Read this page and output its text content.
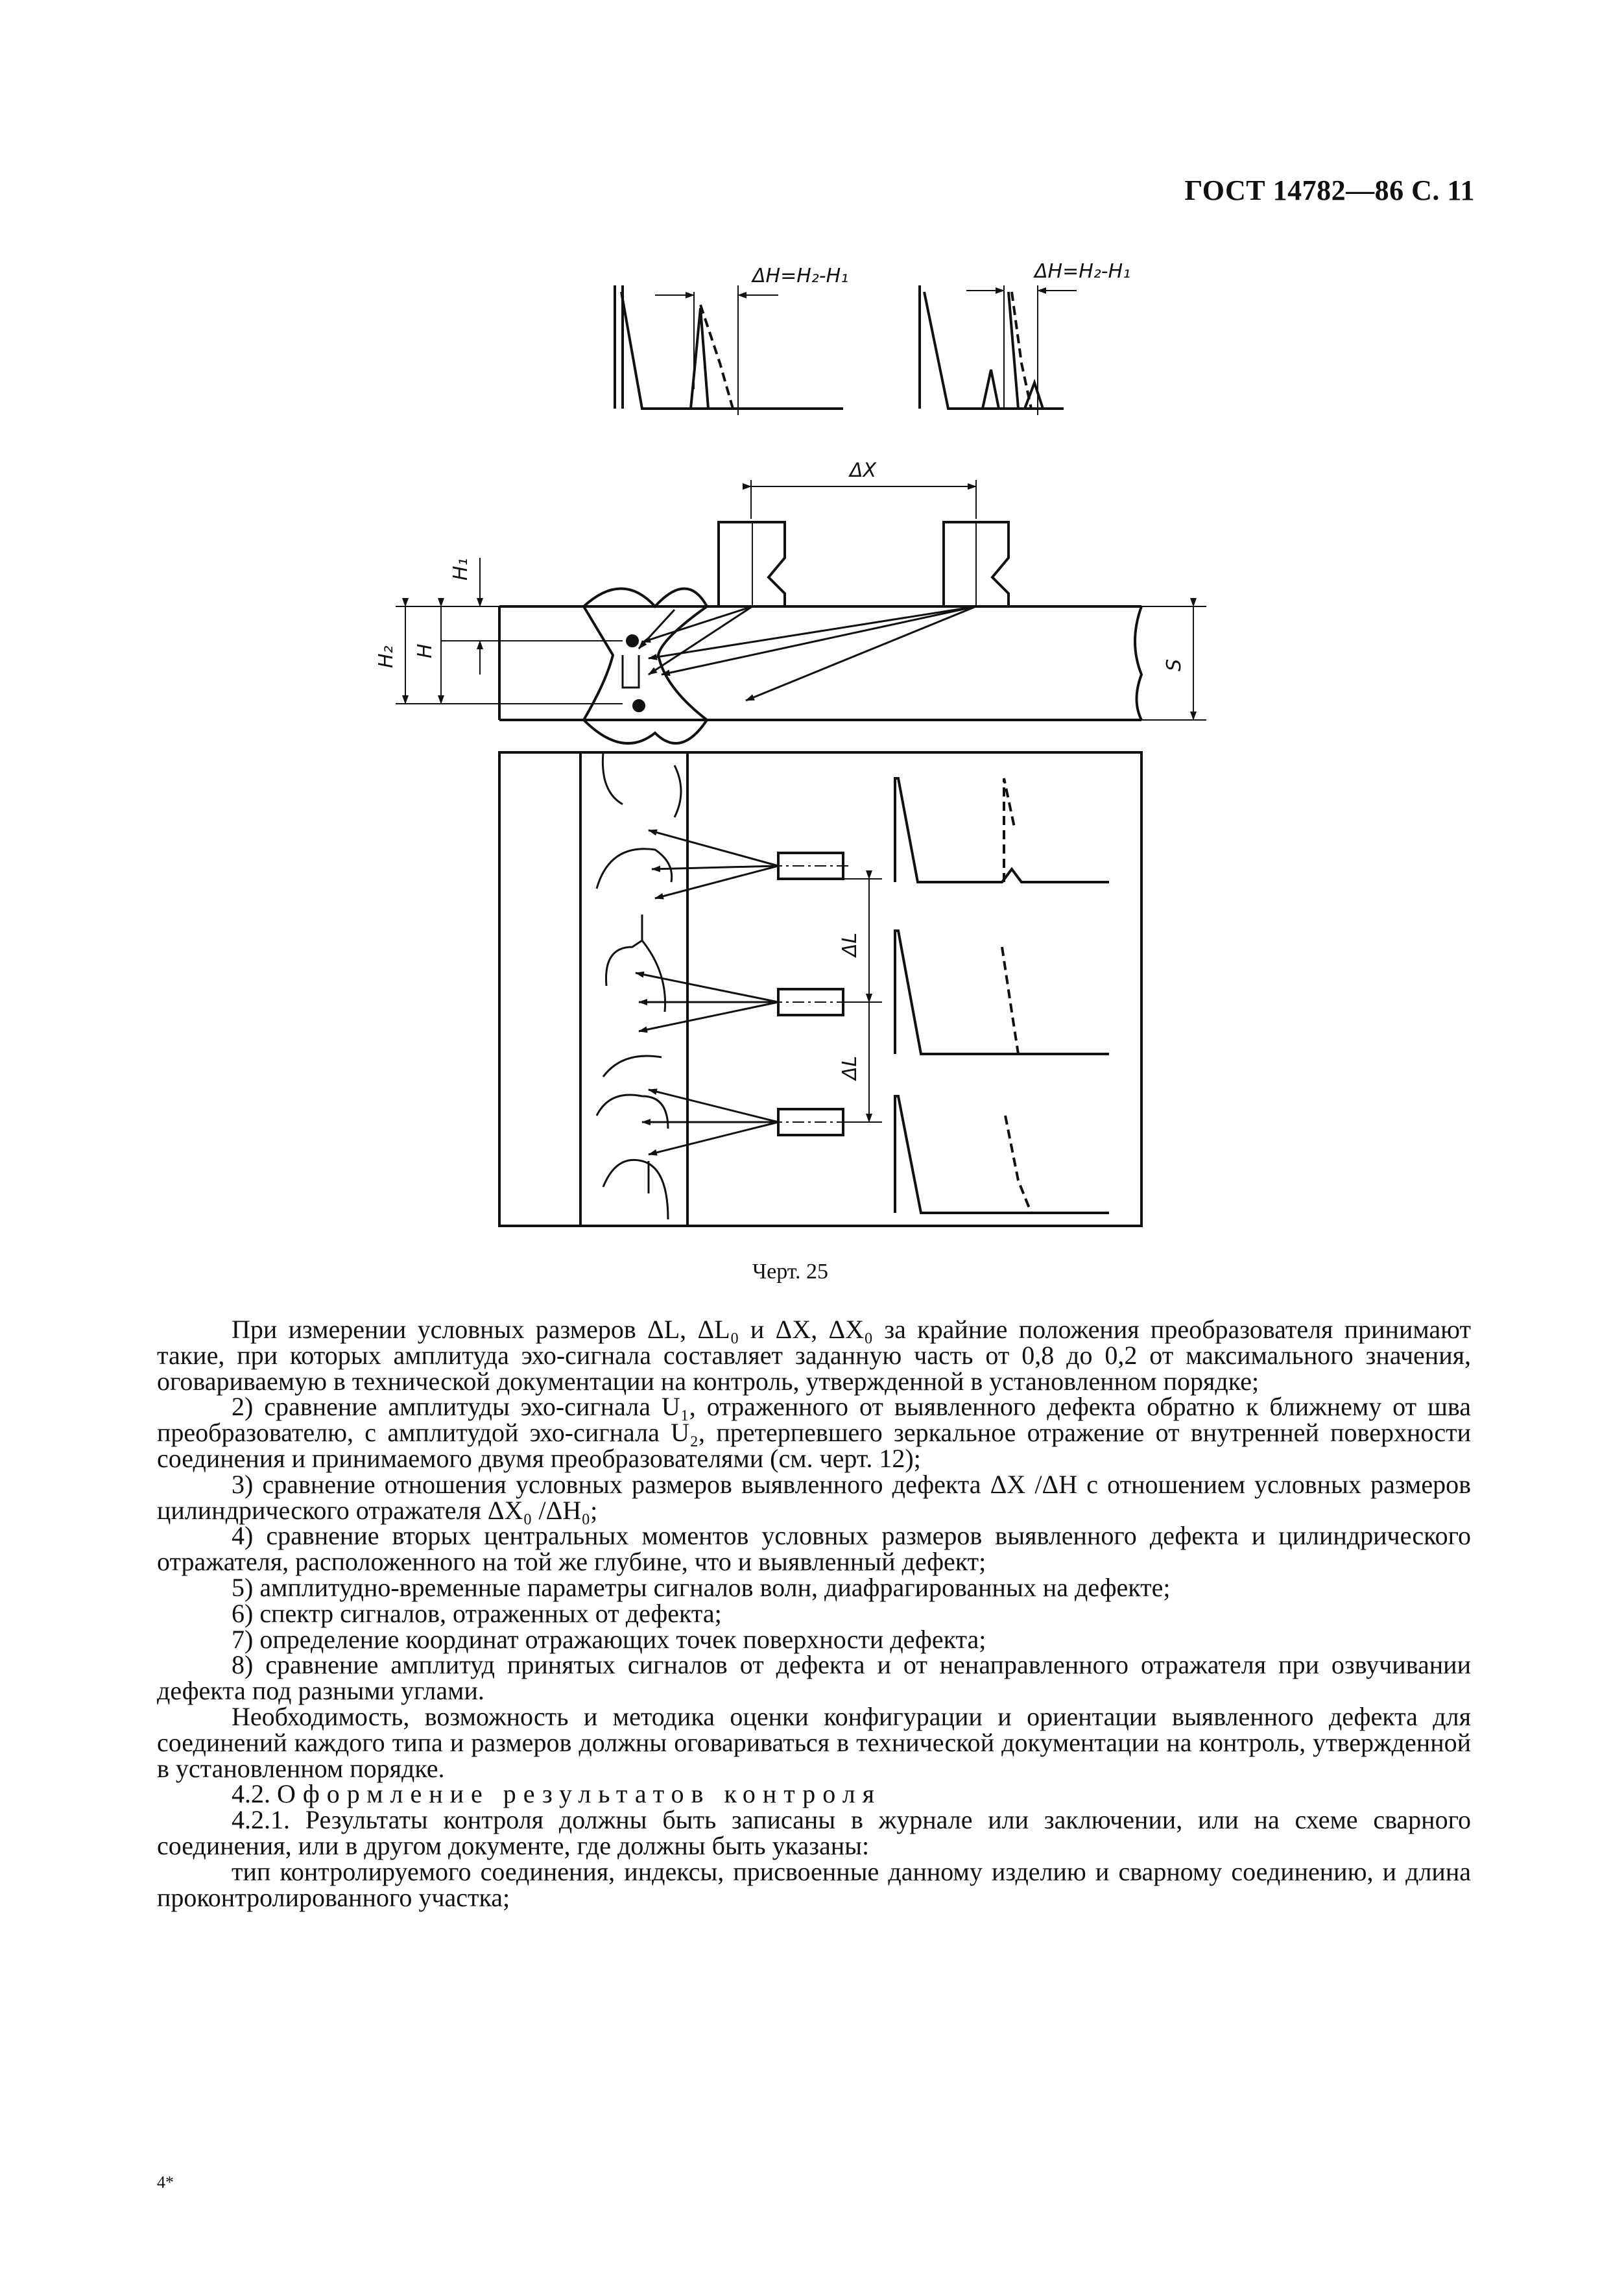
ГОСТ 14782—86 С. 11
ΔH=H₂-H₁	ΔH=H₂-H₁
ΔX
H₁
H
H₂	S
ΔL
ΔL
Черт. 25

При измерении условных размеров ΔL, ΔL₀ и ΔX, ΔX₀ за крайние положения преобразователя принимают такие, при которых амплитуда эхо-сигнала составляет заданную часть от 0,8 до 0,2 от максимального значения, оговариваемую в технической документации на контроль, утвержденной в установленном порядке;

2) сравнение амплитуды эхо-сигнала U₁, отраженного от выявленного дефекта обратно к ближнему от шва преобразователю, с амплитудой эхо-сигнала U₂, претерпевшего зеркальное отражение от внутренней поверхности соединения и принимаемого двумя преобразователями (см. черт. 12);

3) сравнение отношения условных размеров выявленного дефекта ΔX /ΔH с отношением условных размеров цилиндрического отражателя ΔX₀ /ΔH₀;

4) сравнение вторых центральных моментов условных размеров выявленного дефекта и цилиндрического отражателя, расположенного на той же глубине, что и выявленный дефект;

5) амплитудно-временные параметры сигналов волн, диафрагированных на дефекте;

6) спектр сигналов, отраженных от дефекта;

7) определение координат отражающих точек поверхности дефекта;

8) сравнение амплитуд принятых сигналов от дефекта и от ненаправленного отражателя при озвучивании дефекта под разными углами.

Необходимость, возможность и методика оценки конфигурации и ориентации выявленного дефекта для соединений каждого типа и размеров должны оговариваться в технической документации на контроль, утвержденной в установленном порядке.

4.2. Оформление результатов контроля

4.2.1. Результаты контроля должны быть записаны в журнале или заключении, или на схеме сварного соединения, или в другом документе, где должны быть указаны:

тип контролируемого соединения, индексы, присвоенные данному изделию и сварному соединению, и длина проконтролированного участка;

4*
